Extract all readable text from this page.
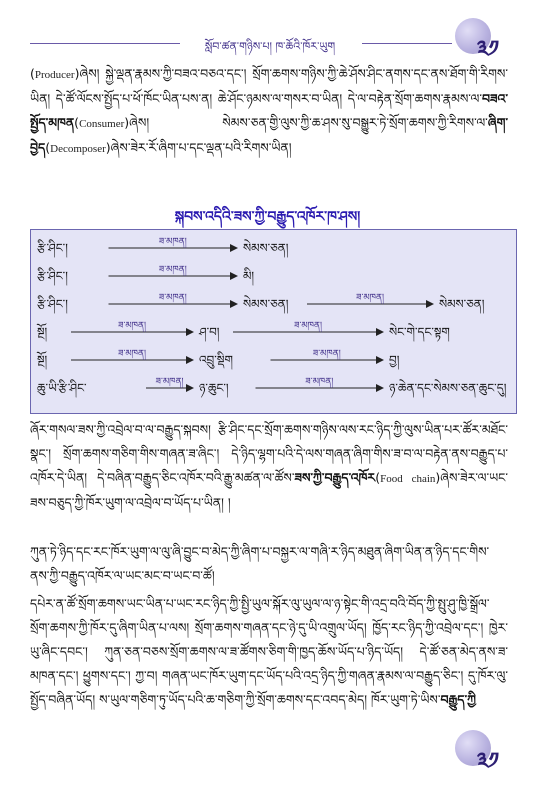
སློབ་ཚན་གཉིས་པ། ཁ་ཆོའི་ཁོར་ཡུག	༣༡
(Producer)ཞེས། སྐྱེ་ལྡན་རྣམས་ཀྱི་བཟའ་བཅའ་དང་། སྲོག་ཆགས་གཉིས་ཀྱི་ཆེ་ཤོས་ཤིང་ནགས་དང་ནས་ཐོག་གི་རིགས་ཡིན། དེ་ཚོ་ལོངས་སྤྱོད་པ་ཕོ་ཁོང་ཡིན་པས་ན། ཆེ་ཤོང་ཉམས་ལ་གསར་བ་ཡིན། དེ་ལ་བརྟེན་སྲོག་ཆགས་རྣམས་ལ་བཟའ་སྤྱོད་མཁན(Consumer)ཞེས། སེམས་ཅན་གྱི་ལུས་ཀྱི་ཆ་ཤས་སུ་བསྒྱུར་ཏེ་སྲོག་ཆགས་ཀྱི་རིགས་ལ་ཞིག་བྱེད(Decomposer)ཞེས་ཟེར་རོ་ཞིག་པ་དང་ལྡན་པའི་རིགས་ཡིན།
སྐབས་འདིའི་ཟས་ཀྱི་བརྒྱུད་འཁོར་ཁ་ཤས།
རྩི་ཤིང་།	ཟ་མཁན།	སེམས་ཅན།
རྩི་ཤིང་།	ཟ་མཁན།	མི།
རྩི་ཤིང་།	ཟ་མཁན།	སེམས་ཅན།	ཟ་མཁན།	སེམས་ཅན།
སྔོ།	ཟ་མཁན།	ཤ་བ།	ཟ་མཁན།	སེང་གེ་དང་སྟག
སྔོ།	ཟ་མཁན།	འབྲུ་སྡིག	ཟ་མཁན།	བྱ།
ཆུ་ཡི་རྩི་ཤིང་	ཟ་མཁན། ཉ་ཆུང་།	ཟ་མཁན།	ཉ་ཆེན་དང་སེམས་ཅན་ཆུང་དུ།
ཞོར་གསལ་ཟས་ཀྱི་འབྲེལ་བ་ལ་བརྒྱུད་སྐབས། རྩི་ཤིང་དང་སྲོག་ཆགས་གཉིས་ལས་རང་ཉིད་ཀྱི་ལུས་ཡིན་པར་ཚོར་མཐོང་སྣང་། སྲོག་ཆགས་གཅིག་གིས་གཞན་ཟ་ཞིང་། དེ་ཉིད་ལྷག་པའི་དེ་ལས་གཞན་ཞིག་གིས་ཟ་བ་ལ་བརྟེན་ནས་བརྒྱུད་པ་འཁོར་དེ་ཡིན། དེ་བཞིན་བརྒྱུད་ཅིང་འཁོར་བའི་རྒྱུ་མཚན་ལ་ཚོས་ཟས་ཀྱི་བརྒྱུད་འཁོར(Food chain)ཞེས་ཟེར་ལ་ཡང་ཟས་བཅུད་ཀྱི་ཁོར་ཡུག་ལ་འབྲེལ་བ་ཡོད་པ་ཡིན། །
ཀུན་ཏེ་ཉིད་དང་རང་ཁོར་ཡུག་ལ་ལུ་ཞི་བྱུང་བ་མེད་ཀྱི་ཞིག་པ་བསྐྱར་ལ་གཞི་ར་ཉིད་མཐུན་ཞིག་ཡིན་ན་ཉིད་དང་གིས་ནས་ཀྱི་བརྒྱུད་འཁོར་ལ་ཡང་མང་བ་ཡང་བ་ཚོ།
དཔེར་ན་ཚོ་སྲོག་ཆགས་ཡང་ཡིན་པ་ཡང་རང་ཉིད་ཀྱི་སྤྱི་ཡུལ་སྐོར་ལུ་ཡུལ་ལ་ཉ་སྟེང་གི་འདྲ་བའི་བོད་ཀྱི་སྤུ་ཤུ་ཁྱི་སྒྲོལ་སྲོག་ཆགས་ཀྱི་ཁོར་དུ་ཞིག་ཡིན་པ་ལས། སྲོག་ཆགས་གཞན་དང་ཉེ་དུ་ཡི་འགྲུལ་ཡོད། ཁྱོད་རང་ཉིད་ཀྱི་འབྲེལ་དང་། ཁྱེར་ཡུ་ཞིང་དབང་། ཀུན་ཅན་བཅས་སྲོག་ཆགས་ལ་ཟ་ཚོགས་ཅིག་གི་ཁྱད་ཆོས་ཡོད་པ་ཉིད་ཡོད། དེ་ཚོ་ཅན་མེད་ནས་ཟ་མཁན་དང་། ཕྱུགས་དང་། ཀྱ་བ། གཞན་ཡང་ཁོར་ཡུག་དང་ཡོད་པའི་འདྲ་ཉིད་ཀྱི་གཞན་རྣམས་ལ་བརྒྱུད་ཅིང་། དུ་ཁོར་ལུ་སྤྱོད་བཞིན་ཡོད། ས་ཡུལ་གཅིག་ཏུ་ཡོད་པའི་ཆ་གཅིག་ཀྱི་སྲོག་ཆགས་དང་འབད་མེད། ཁོར་ཡུག་ཏེ་ཡིས་བརྒྱུད་ཀྱི
༣༡
